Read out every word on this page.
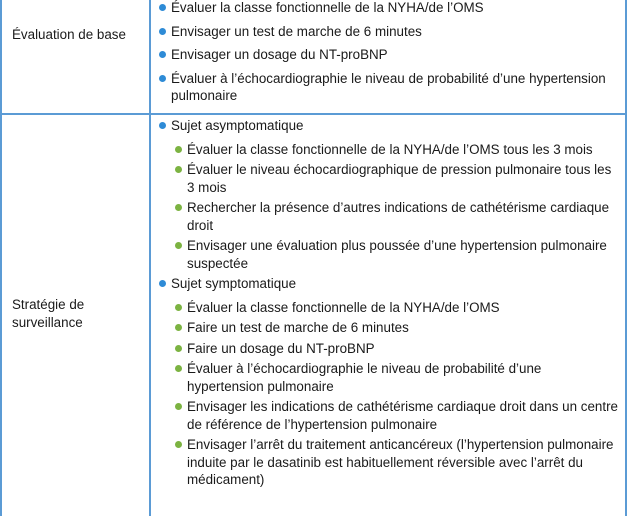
Évaluation de base
Évaluer la classe fonctionnelle de la NYHA/de l’OMS
Envisager un test de marche de 6 minutes
Envisager un dosage du NT-proBNP
Évaluer à l’échocardiographie le niveau de probabilité d’une hypertension pulmonaire
Stratégie de surveillance
Sujet asymptomatique
Évaluer la classe fonctionnelle de la NYHA/de l’OMS tous les 3 mois
Évaluer le niveau échocardiographique de pression pulmonaire tous les 3 mois
Rechercher la présence d’autres indications de cathétérisme cardiaque droit
Envisager une évaluation plus poussée d’une hypertension pulmonaire suspectée
Sujet symptomatique
Évaluer la classe fonctionnelle de la NYHA/de l’OMS
Faire un test de marche de 6 minutes
Faire un dosage du NT-proBNP
Évaluer à l’échocardiographie le niveau de probabilité d’une hypertension pulmonaire
Envisager les indications de cathétérisme cardiaque droit dans un centre de référence de l’hypertension pulmonaire
Envisager l’arrêt du traitement anticancéreux (l’hypertension pulmonaire induite par le dasatinib est habituellement réversible avec l’arrêt du médicament)
